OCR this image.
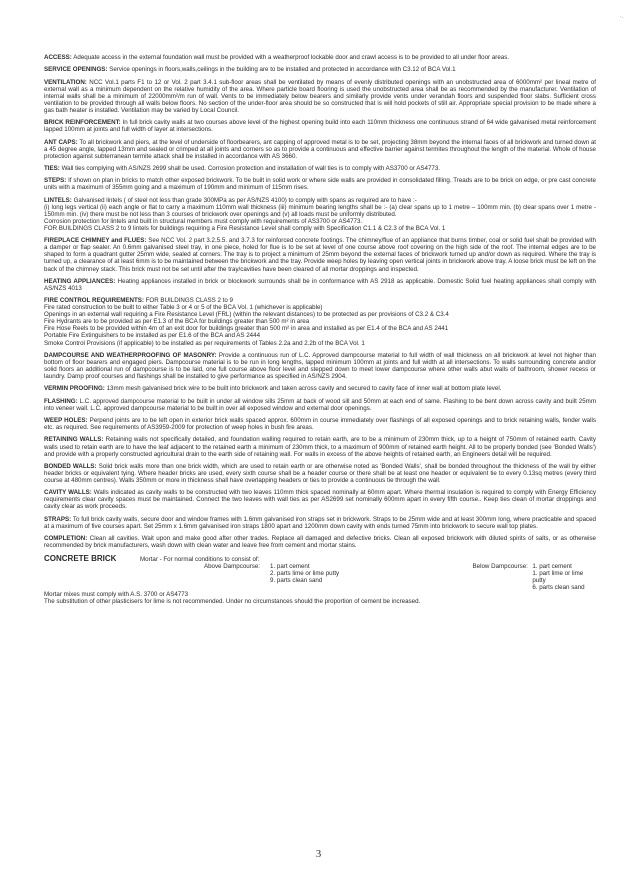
·.
ACCESS: Adequate access in the external foundation wall must be provided with a weatherproof lockable door and crawl access is to be provided to all under floor areas.
SERVICE OPENINGS: Service openings in floors,walls,ceilings in the building are to be installed and protected in accordance with C3.12 of BCA Vol.1
VENTILATION: NCC Vol.1 parts F1 to 12 or Vol. 2 part 3.4.1 sub-floor areas shall be ventilated by means of evenly distributed openings with an unobstructed area of 6000mm² per lineal metre of external wall as a minimum dependent on the relative humidity of the area. Where particle board flooring is used the unobstructed area shall be as recommended by the manufacturer. Ventilation of internal walls shall be a minimum of 22000mm²/m run of wall. Vents to be immediately below bearers and similarly provide vents under verandah floors and suspended floor slabs. Sufficient cross ventilation to be provided through all walls below floors. No section of the under-floor area should be so constructed that is will hold pockets of still air. Appropriate special provision to be made where a gas bath heater is installed. Ventilation may be varied by Local Council.
BRICK REINFORCEMENT: In full brick cavity walls at two courses above level of the highest opening build into each 110mm thickness one continuous strand of 64 wide galvanised metal reinforcement lapped 100mm at joints and full width of layer at intersections.
ANT CAPS: To all brickwork and piers, at the level of underside of floorbearers, ant capping of approved metal is to be set, projecting 38mm beyond the internal faces of all brickwork and turned down at a 45 degree angle, lapped 13mm and sealed or crimped at all joints and corners so as to provide a continuous and effective barrier against termites throughout the length of the material. Whole of house protection against subterranean termite attack shall be installed in accordance with AS 3660.
TIES: Wall ties complying with AS/NZS 2699 shall be used. Corrosion protection and installation of wall ties is to comply with AS3700 or AS4773.
STEPS: If shown on plan in bricks to match other exposed brickwork. To be built in solid work or where side walls are provided in consolidated filling. Treads are to be brick on edge, or pre cast concrete units with a maximum of 355mm going and a maximum of 190mm and minimum of 115mm rises.
LINTELS: Galvanised lintels ( of steel not less than grade 300MPa as per AS/NZS 4100) to comply with spans as required are to have :-
(i) long legs vertical (ii) each angle or flat to carry a maximum 110mm wall thickness (iii) minimum bearing lengths shall be :- (a) clear spans up to 1 metre – 100mm min. (b) clear spans over 1 metre - 150mm min. (iv) there must be not less than 3 courses of brickwork over openings and (v) all loads must be uniformly distributed.
Corrosion protection for lintels and built in structural members must comply with requirements of AS3700 or AS4773.
FOR BUILDINGS CLASS 2 to 9 lintels for buildings requiring a Fire Resistance Level shall comply with Specification C1.1 & C2.3 of the BCA Vol. 1
FIREPLACE CHIMNEY and FLUES: See NCC Vol. 2 part 3.2.5.5. and 3.7.3 for reinforced concrete footings. The chimney/flue of an appliance that burns timber, coal or solid fuel shall be provided with a damper or flap sealer. An 0.6mm galvanised steel tray, in one piece, holed for flue is to be set at level of one course above roof covering on the high side of the roof. The internal edges are to be shaped to form a quadrant gutter 25mm wide, sealed at corners. The tray is to project a minimum of 25mm beyond the external faces of brickwork turned up and/or down as required. Where the tray is turned up, a clearance of at least 6mm is to be maintained between the brickwork and the tray. Provide weep holes by leaving open vertical joints in brickwork above tray. A loose brick must be left on the back of the chimney stack. This brick must not be set until after the tray/cavities have been cleared of all mortar droppings and inspected.
HEATING APPLIANCES: Heating appliances installed in brick or blockwork surrounds shall be in conformance with AS 2918 as applicable. Domestic Solid fuel heating appliances shall comply with AS/NZS 4013
FIRE CONTROL REQUIREMENTS: FOR BUILDINGS CLASS 2 to 9
Fire rated construction to be built to either Table 3 or 4 or 5 of the BCA Vol. 1 (whichever is applicable)
Openings in an external wall requiring a Fire Resistance Level (FRL) (within the relevant distances) to be protected as per provisions of C3.2 & C3.4
Fire Hydrants are to be provided as per E1.3 of the BCA for buildings greater than 500 m² in area
Fire Hose Reels to be provided within 4m of an exit door for buildings greater than 500 m² in area and installed as per E1.4 of the BCA and AS 2441
Portable Fire Extinguishers to be installed as per E1.6 of the BCA and AS 2444
Smoke Control Provisions (if applicable) to be installed as per requirements of Tables 2.2a and 2.2b of the BCA Vol. 1
DAMPCOURSE AND WEATHERPROOFING OF MASONRY: Provide a continuous run of L.C. Approved dampcourse material to full width of wall thickness on all brickwork at level not higher than bottom of floor bearers and engaged piers. Dampcourse material is to be run in long lengths, lapped minimum 100mm at joints and full width at all intersections. To walls surrounding concrete and/or solid floors an additional run of dampcourse is to be laid, one full course above floor level and stepped down to meet lower dampcourse where other walls abut walls of bathroom, shower recess or laundry. Damp proof courses and flashings shall be installed to give performance as specified in AS/NZS 2904.
VERMIN PROOFING: 13mm mesh galvanised brick wire to be built into brickwork and taken across cavity and secured to cavity face of inner wall at bottom plate level.
FLASHING: L.C. approved dampcourse material to be built in under all window sills 25mm at back of wood sill and 50mm at each end of same. Flashing to be bent down across cavity and built 25mm into veneer wall. L.C. approved dampcourse material to be built in over all exposed window and external door openings.
WEEP HOLES: Perpend joints are to be left open in exterior brick walls spaced approx. 600mm in course immediately over flashings of all exposed openings and to brick retaining walls, fender walls etc. as required. See requirements of AS3959-2009 for protection of weep holes in bush fire areas.
RETAINING WALLS: Retaining walls not specifically detailed, and foundation walling required to retain earth, are to be a minimum of 230mm thick, up to a height of 750mm of retained earth. Cavity walls used to retain earth are to have the leaf adjacent to the retained earth a minimum of 230mm thick, to a maximum of 900mm of retained earth height. All to be properly bonded (see 'Bonded Walls') and provide with a properly constructed agricultural drain to the earth side of retaining wall. For walls in excess of the above heights of retained earth, an Engineers detail will be required.
BONDED WALLS: Solid brick walls more than one brick width, which are used to retain earth or are otherwise noted as 'Bonded Walls', shall be bonded throughout the thickness of the wall by either header bricks or equivalent tying. Where header bricks are used, every sixth course shall be a header course or there shall be at least one header or equivalent tie to every 0.13sq metres (every third course at 480mm centres). Walls 350mm or more in thickness shall have overlapping headers or ties to provide a continuous tie through the wall.
CAVITY WALLS: Walls indicated as cavity walls to be constructed with two leaves 110mm thick spaced nominally at 60mm apart. Where thermal insulation is required to comply with Energy Efficiency requirements clear cavity spaces must be maintained. Connect the two leaves with wall ties as per AS2699 set nominally 600mm apart in every fifth course.. Keep ties clean of mortar droppings and cavity clear as work proceeds.
STRAPS: To full brick cavity walls, secure door and window frames with 1.6mm galvanised iron straps set in brickwork. Straps to be 25mm wide and at least 300mm long, where practicable and spaced at a maximum of five courses apart. Set 25mm x 1.6mm galvanised iron straps 1800 apart and 1200mm down cavity with ends turned 75mm into brickwork to secure wall top plates.
COMPLETION: Clean all cavities. Wait upon and make good after other trades. Replace all damaged and defective bricks. Clean all exposed brickwork with diluted spirits of salts, or as otherwise recommended by brick manufacturers, wash down with clean water and leave free from cement and mortar stains.
CONCRETE BRICK	Mortar - For normal conditions to consist of:
Above Dampcourse:	1. part cement
2. parts lime or lime putty
9. parts clean sand
Below Dampcourse: 1. part cement
1. part lime or lime putty
6. parts clean sand
Mortar mixes must comply with A.S. 3700 or AS4773
The substitution of other plasticisers for lime is not recommended. Under no circumstances should the proportion of cement be increased.
3
